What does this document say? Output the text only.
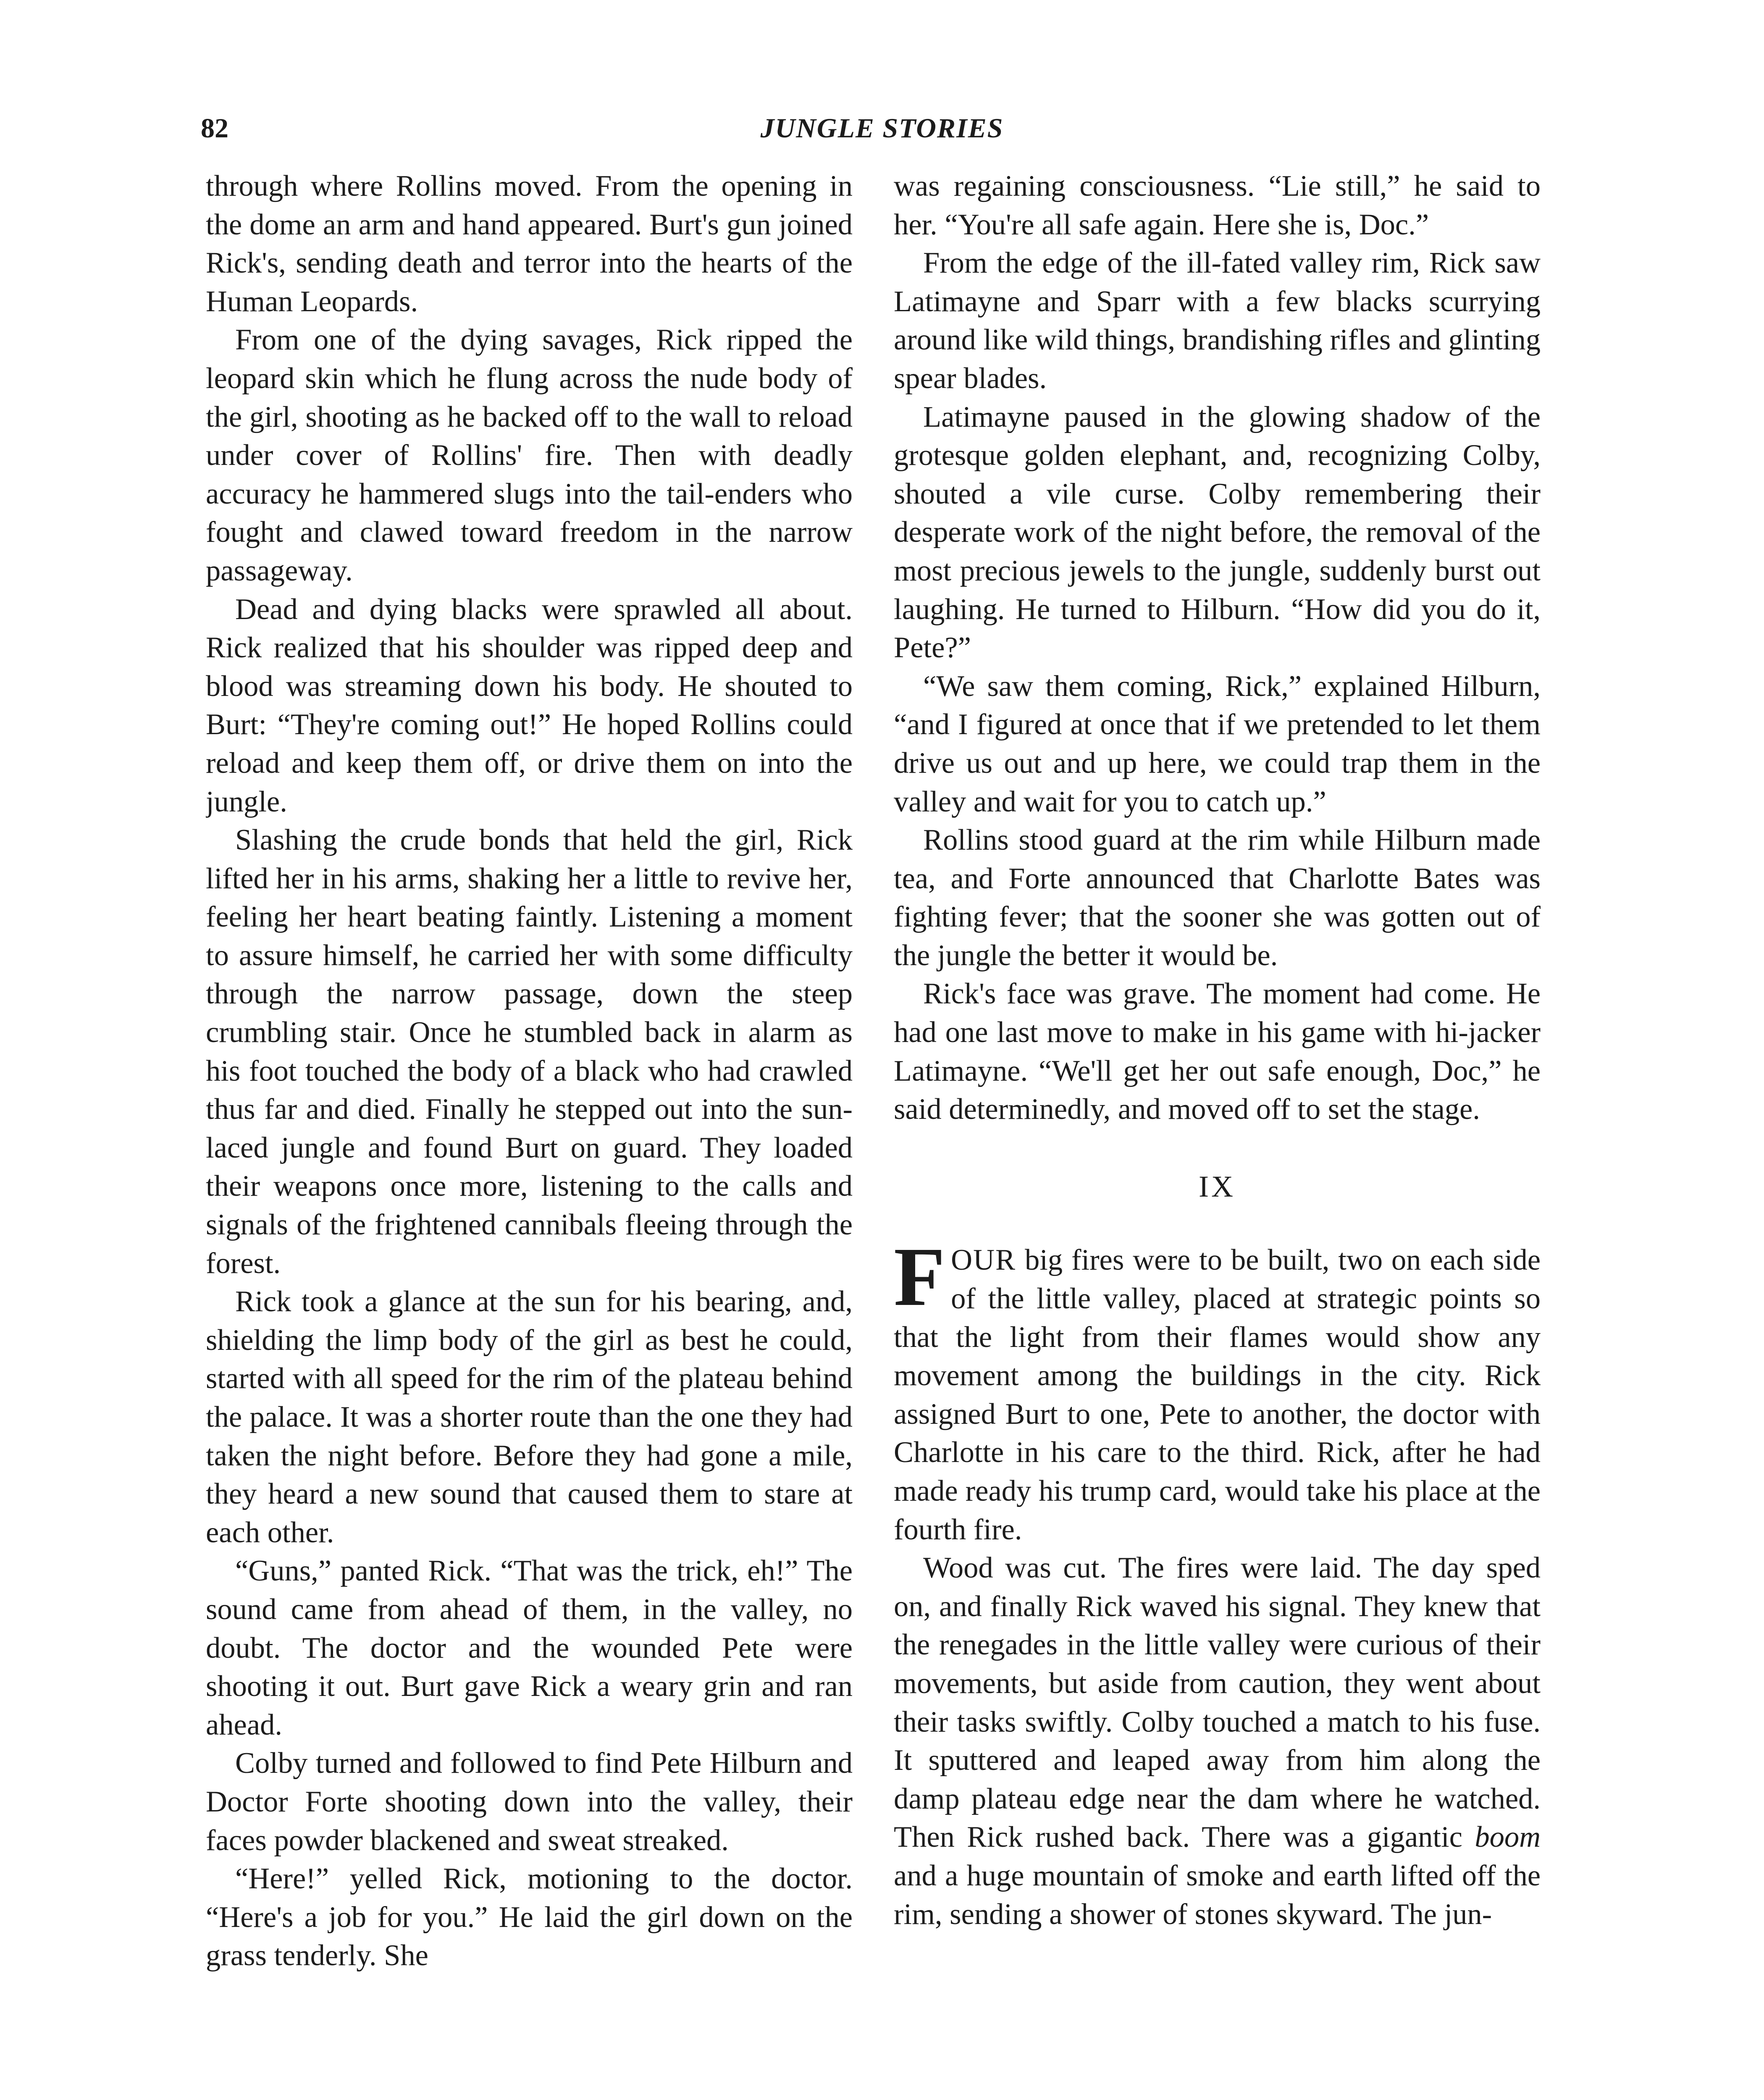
82	JUNGLE STORIES

through where Rollins moved. From the opening in the dome an arm and hand appeared. Burt's gun joined Rick's, sending death and terror into the hearts of the Human Leopards.

From one of the dying savages, Rick ripped the leopard skin which he flung across the nude body of the girl, shooting as he backed off to the wall to reload under cover of Rollins' fire. Then with deadly accuracy he hammered slugs into the tail-enders who fought and clawed toward freedom in the narrow passageway.

Dead and dying blacks were sprawled all about. Rick realized that his shoulder was ripped deep and blood was streaming down his body. He shouted to Burt: “They're coming out!” He hoped Rollins could reload and keep them off, or drive them on into the jungle.

Slashing the crude bonds that held the girl, Rick lifted her in his arms, shaking her a little to revive her, feeling her heart beating faintly. Listening a moment to assure himself, he carried her with some difficulty through the narrow passage, down the steep crumbling stair. Once he stumbled back in alarm as his foot touched the body of a black who had crawled thus far and died. Finally he stepped out into the sun-laced jungle and found Burt on guard. They loaded their weapons once more, listening to the calls and signals of the frightened cannibals fleeing through the forest.

Rick took a glance at the sun for his bearing, and, shielding the limp body of the girl as best he could, started with all speed for the rim of the plateau behind the palace. It was a shorter route than the one they had taken the night before. Before they had gone a mile, they heard a new sound that caused them to stare at each other.

“Guns,” panted Rick. “That was the trick, eh!” The sound came from ahead of them, in the valley, no doubt. The doctor and the wounded Pete were shooting it out. Burt gave Rick a weary grin and ran ahead.

Colby turned and followed to find Pete Hilburn and Doctor Forte shooting down into the valley, their faces powder blackened and sweat streaked.

“Here!” yelled Rick, motioning to the doctor. “Here's a job for you.” He laid the girl down on the grass tenderly. She

was regaining consciousness. “Lie still,” he said to her. “You're all safe again. Here she is, Doc.”

From the edge of the ill-fated valley rim, Rick saw Latimayne and Sparr with a few blacks scurrying around like wild things, brandishing rifles and glinting spear blades.

Latimayne paused in the glowing shadow of the grotesque golden elephant, and, recognizing Colby, shouted a vile curse. Colby remembering their desperate work of the night before, the removal of the most precious jewels to the jungle, suddenly burst out laughing. He turned to Hilburn. “How did you do it, Pete?”

“We saw them coming, Rick,” explained Hilburn, “and I figured at once that if we pretended to let them drive us out and up here, we could trap them in the valley and wait for you to catch up.”

Rollins stood guard at the rim while Hilburn made tea, and Forte announced that Charlotte Bates was fighting fever; that the sooner she was gotten out of the jungle the better it would be.

Rick's face was grave. The moment had come. He had one last move to make in his game with hi-jacker Latimayne. “We'll get her out safe enough, Doc,” he said determinedly, and moved off to set the stage.

IX

FOUR big fires were to be built, two on each side of the little valley, placed at strategic points so that the light from their flames would show any movement among the buildings in the city. Rick assigned Burt to one, Pete to another, the doctor with Charlotte in his care to the third. Rick, after he had made ready his trump card, would take his place at the fourth fire.

Wood was cut. The fires were laid. The day sped on, and finally Rick waved his signal. They knew that the renegades in the little valley were curious of their movements, but aside from caution, they went about their tasks swiftly. Colby touched a match to his fuse. It sputtered and leaped away from him along the damp plateau edge near the dam where he watched. Then Rick rushed back. There was a gigantic boom and a huge mountain of smoke and earth lifted off the rim, sending a shower of stones skyward. The jun-
